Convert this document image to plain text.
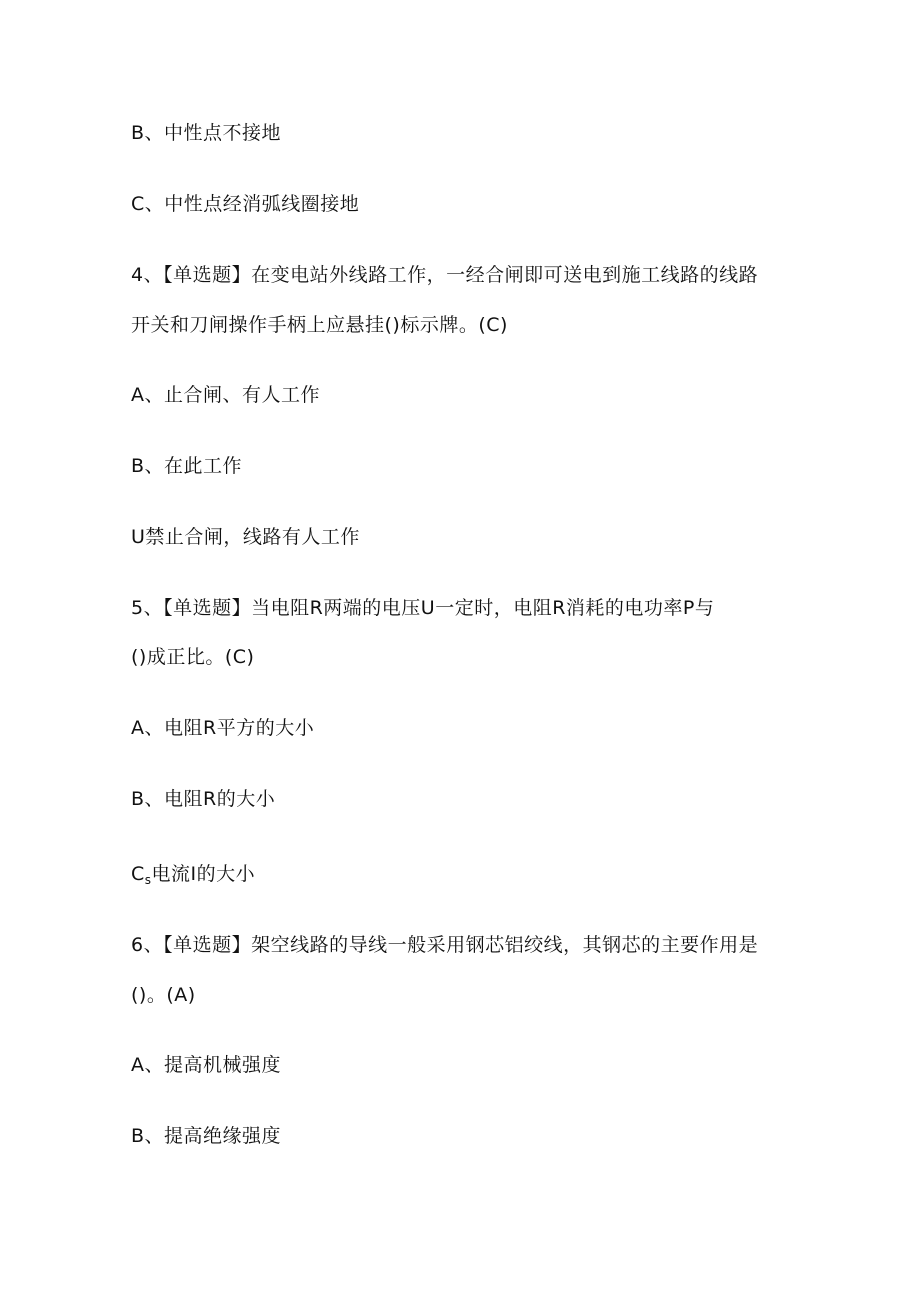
B、中性点不接地
C、中性点经消弧线圈接地
4、【单选题】在变电站外线路工作，一经合闸即可送电到施工线路的线路
开关和刀闸操作手柄上应悬挂()标示牌。(C)
A、止合闸、有人工作
B、在此工作
U禁止合闸，线路有人工作
5、【单选题】当电阻R两端的电压U一定时，电阻R消耗的电功率P与
()成正比。(C)
A、电阻R平方的大小
B、电阻R的大小
$C_s$电流I的大小
6、【单选题】架空线路的导线一般采用钢芯铝绞线，其钢芯的主要作用是
()。(A)
A、提高机械强度
B、提高绝缘强度
